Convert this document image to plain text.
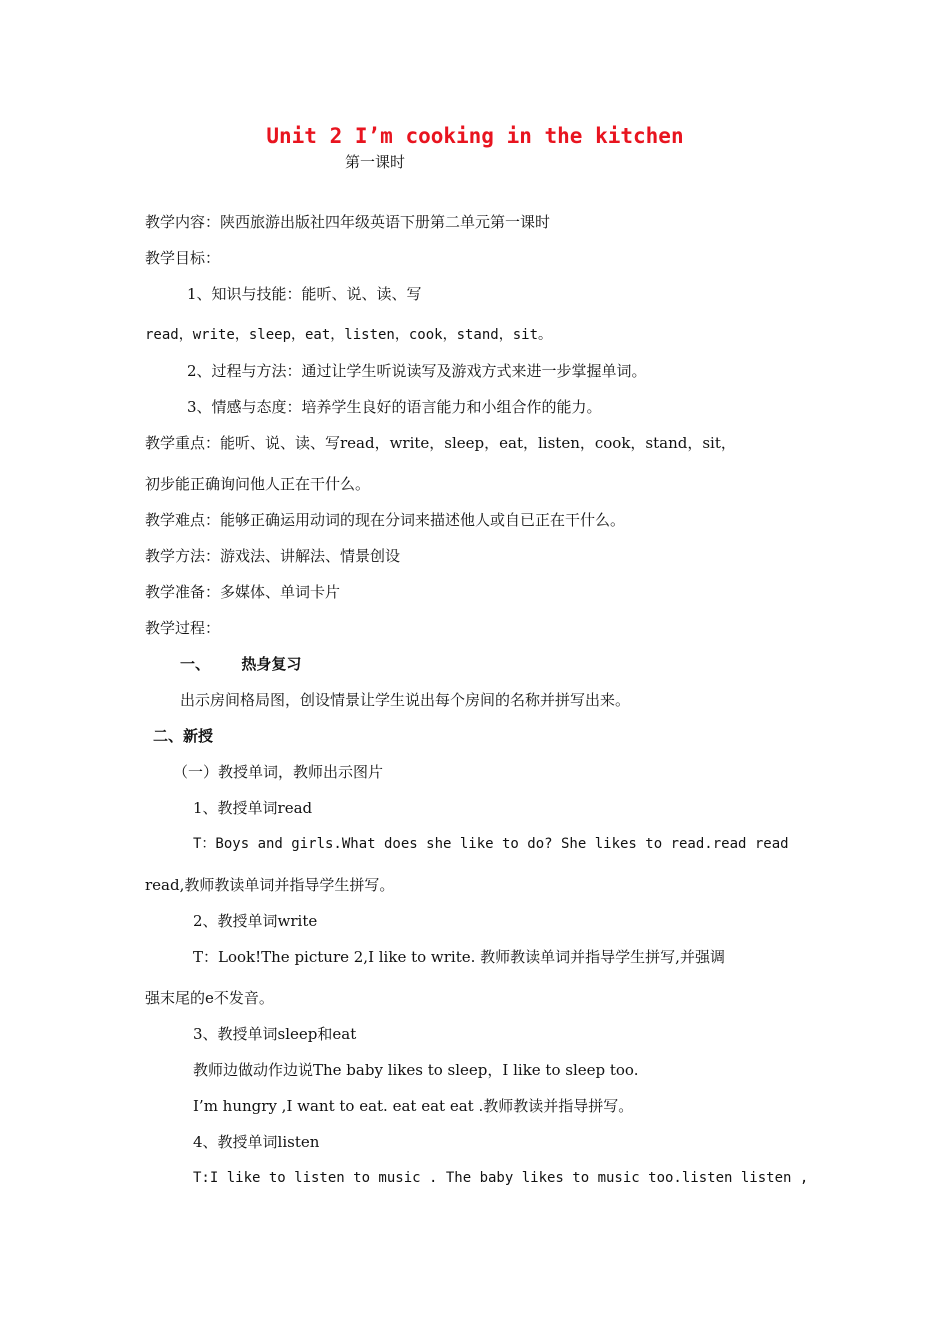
Unit 2 I’m cooking in the kitchen
第一课时
教学内容：陕西旅游出版社四年级英语下册第二单元第一课时
教学目标：
1、知识与技能：能听、说、读、写
read，write，sleep，eat，listen，cook，stand，sit。
2、过程与方法：通过让学生听说读写及游戏方式来进一步掌握单词。
3、情感与态度：培养学生良好的语言能力和小组合作的能力。
教学重点：能听、说、读、写read，write，sleep，eat，listen，cook，stand，sit，
初步能正确询问他人正在干什么。
教学难点：能够正确运用动词的现在分词来描述他人或自已正在干什么。
教学方法：游戏法、讲解法、情景创设
教学准备：多媒体、单词卡片
教学过程：
一、      热身复习
出示房间格局图，创设情景让学生说出每个房间的名称并拼写出来。
二、新授
（一）教授单词，教师出示图片
1、教授单词read
T：Boys and girls.What does she like to do? She likes to read.read read
read,教师教读单词并指导学生拼写。
2、教授单词write
T：Look!The picture 2,I like to write. 教师教读单词并指导学生拼写,并强调
强末尾的e不发音。
3、教授单词sleep和eat
教师边做动作边说The baby likes to sleep，I like to sleep too.
I’m hungry ,I want to eat. eat eat eat .教师教读并指导拼写。
4、教授单词listen
T:I like to listen to music . The baby likes to music too.listen listen ,
